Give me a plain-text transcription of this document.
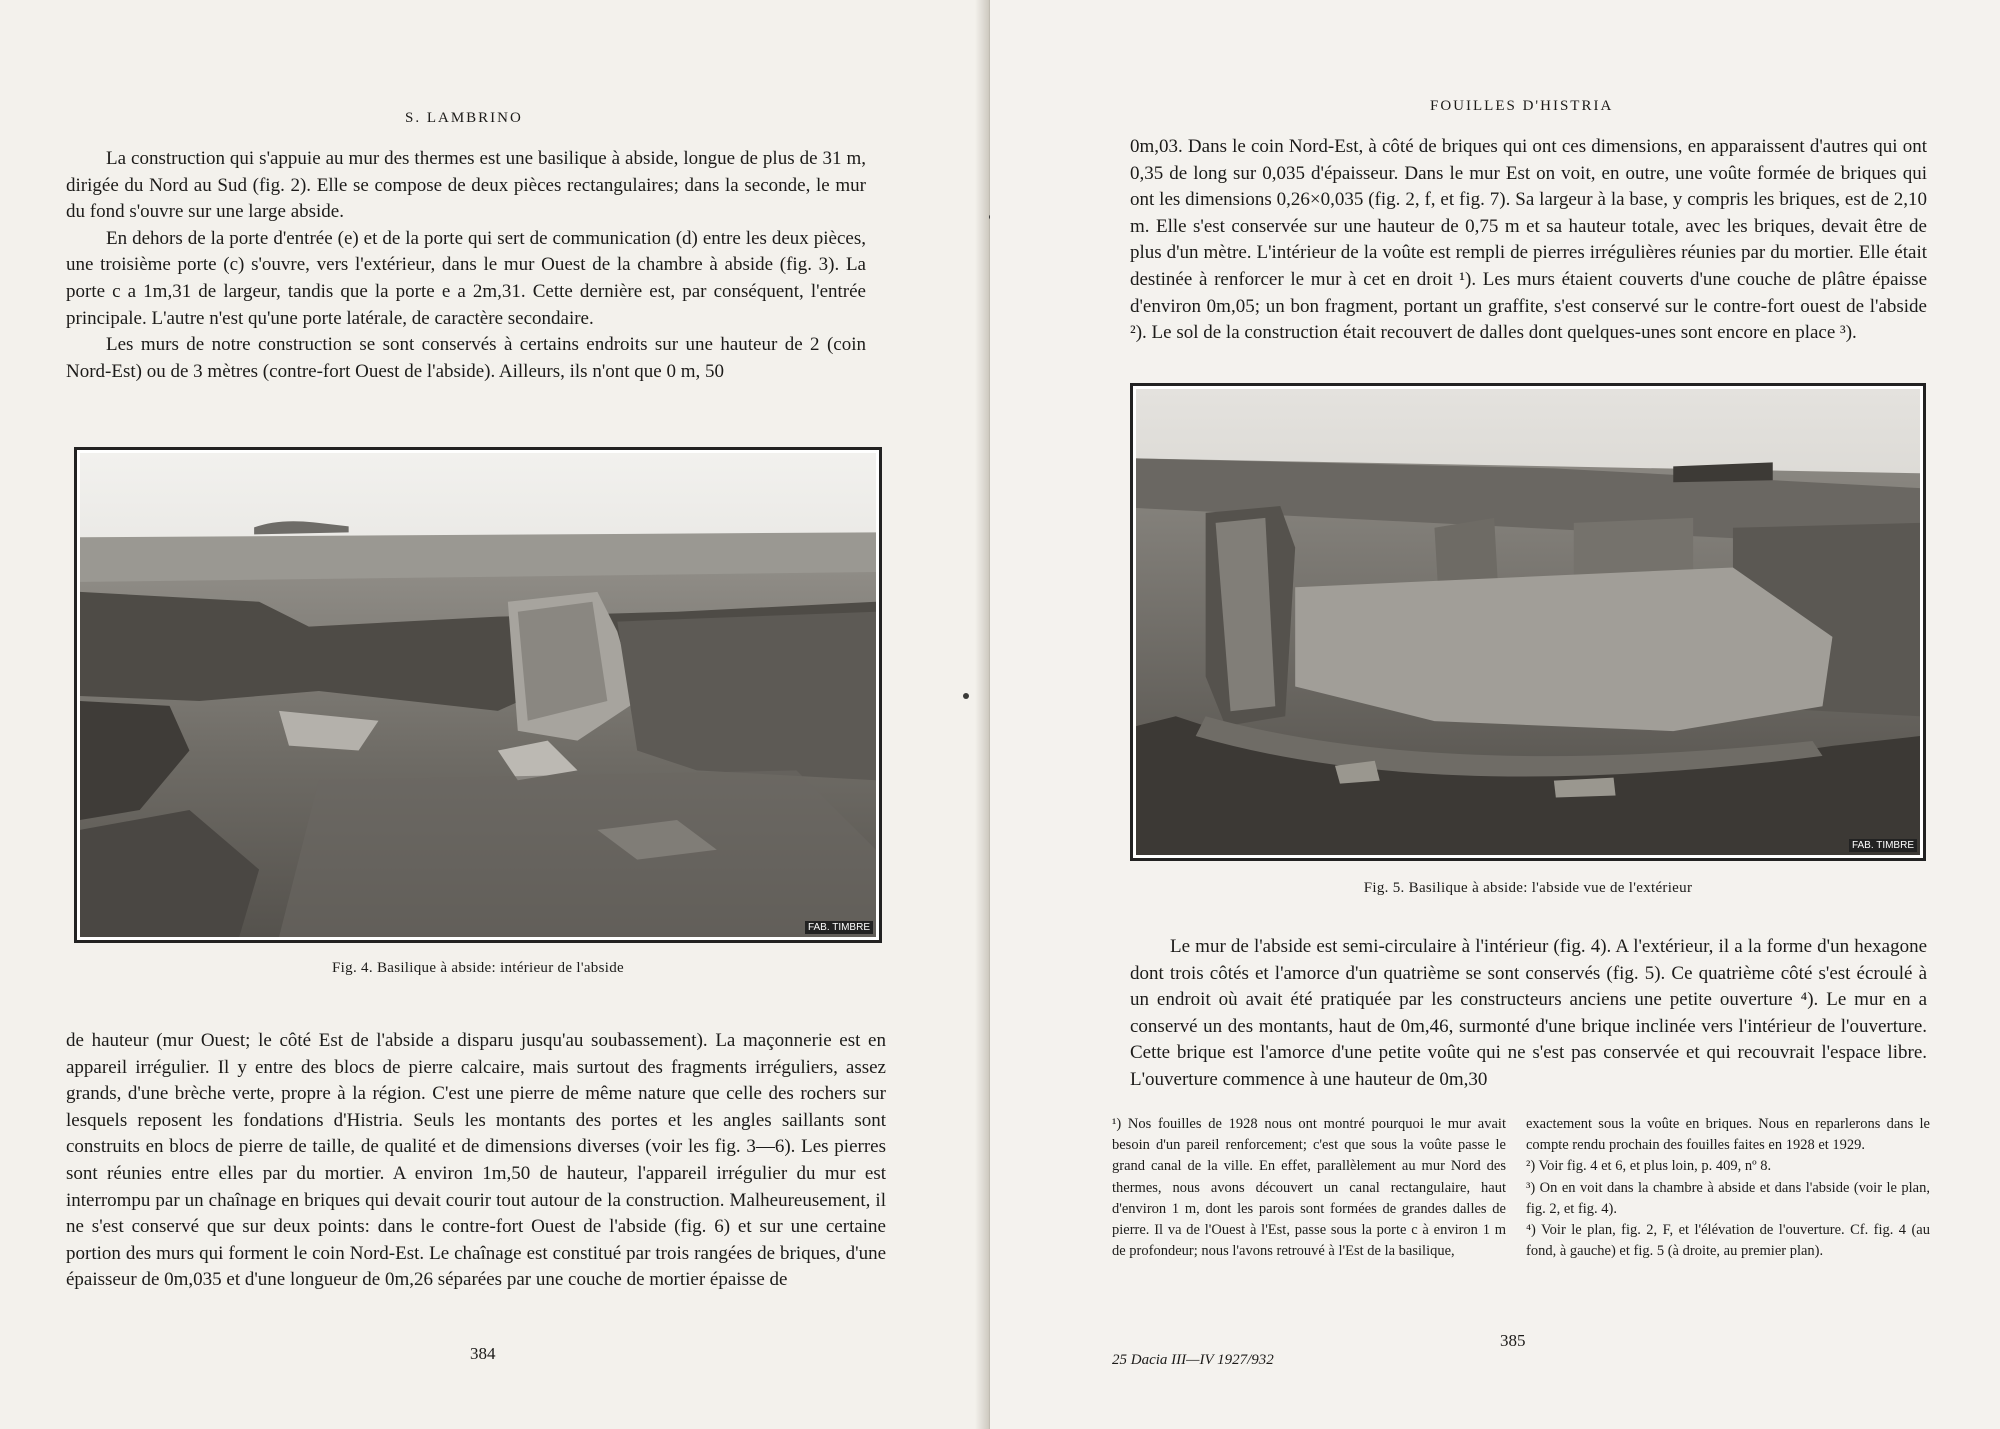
S. LAMBRINO

La construction qui s'appuie au mur des thermes est une basilique à abside, longue de plus de 31 m, dirigée du Nord au Sud (fig. 2). Elle se compose de deux pièces rectangulaires; dans la seconde, le mur du fond s'ouvre sur une large abside.

En dehors de la porte d'entrée (e) et de la porte qui sert de communication (d) entre les deux pièces, une troisième porte (c) s'ouvre, vers l'extérieur, dans le mur Ouest de la chambre à abside (fig. 3). La porte c a 1m,31 de largeur, tandis que la porte e a 2m,31. Cette dernière est, par conséquent, l'entrée principale. L'autre n'est qu'une porte latérale, de caractère secondaire.

Les murs de notre construction se sont conservés à certains endroits sur une hauteur de 2 (coin Nord-Est) ou de 3 mètres (contre-fort Ouest de l'abside). Ailleurs, ils n'ont que 0 m, 50

FAB. TIMBRE
Fig. 4. Basilique à abside: intérieur de l'abside

de hauteur (mur Ouest; le côté Est de l'abside a disparu jusqu'au soubassement). La maçonnerie est en appareil irrégulier. Il y entre des blocs de pierre calcaire, mais surtout des fragments irréguliers, assez grands, d'une brèche verte, propre à la région. C'est une pierre de même nature que celle des rochers sur lesquels reposent les fondations d'Histria. Seuls les montants des portes et les angles saillants sont construits en blocs de pierre de taille, de qualité et de dimensions diverses (voir les fig. 3—6). Les pierres sont réunies entre elles par du mortier. A environ 1m,50 de hauteur, l'appareil irrégulier du mur est interrompu par un chaînage en briques qui devait courir tout autour de la construction. Malheureusement, il ne s'est conservé que sur deux points: dans le contre-fort Ouest de l'abside (fig. 6) et sur une certaine portion des murs qui forment le coin Nord-Est. Le chaînage est constitué par trois rangées de briques, d'une épaisseur de 0m,035 et d'une longueur de 0m,26 séparées par une couche de mortier épaisse de

384
FOUILLES D'HISTRIA

0m,03. Dans le coin Nord-Est, à côté de briques qui ont ces dimensions, en apparaissent d'autres qui ont 0,35 de long sur 0,035 d'épaisseur. Dans le mur Est on voit, en outre, une voûte formée de briques qui ont les dimensions 0,26×0,035 (fig. 2, f, et fig. 7). Sa largeur à la base, y compris les briques, est de 2,10 m. Elle s'est conservée sur une hauteur de 0,75 m et sa hauteur totale, avec les briques, devait être de plus d'un mètre. L'intérieur de la voûte est rempli de pierres irrégulières réunies par du mortier. Elle était destinée à renforcer le mur à cet en droit ¹). Les murs étaient couverts d'une couche de plâtre épaisse d'environ 0m,05; un bon fragment, portant un graffite, s'est conservé sur le contre-fort ouest de l'abside ²). Le sol de la construction était recouvert de dalles dont quelques-unes sont encore en place ³).

FAB. TIMBRE
Fig. 5. Basilique à abside: l'abside vue de l'extérieur

Le mur de l'abside est semi-circulaire à l'intérieur (fig. 4). A l'extérieur, il a la forme d'un hexagone dont trois côtés et l'amorce d'un quatrième se sont conservés (fig. 5). Ce quatrième côté s'est écroulé à un endroit où avait été pratiquée par les constructeurs anciens une petite ouverture ⁴). Le mur en a conservé un des montants, haut de 0m,46, surmonté d'une brique inclinée vers l'intérieur de l'ouverture. Cette brique est l'amorce d'une petite voûte qui ne s'est pas conservée et qui recouvrait l'espace libre. L'ouverture commence à une hauteur de 0m,30

¹) Nos fouilles de 1928 nous ont montré pourquoi le mur avait besoin d'un pareil renforcement; c'est que sous la voûte passe le grand canal de la ville. En effet, parallèlement au mur Nord des thermes, nous avons découvert un canal rectangulaire, haut d'environ 1 m, dont les parois sont formées de grandes dalles de pierre. Il va de l'Ouest à l'Est, passe sous la porte c à environ 1 m de profondeur; nous l'avons retrouvé à l'Est de la basilique,

exactement sous la voûte en briques. Nous en reparlerons dans le compte rendu prochain des fouilles faites en 1928 et 1929.

²) Voir fig. 4 et 6, et plus loin, p. 409, nº 8.

³) On en voit dans la chambre à abside et dans l'abside (voir le plan, fig. 2, et fig. 4).

⁴) Voir le plan, fig. 2, F, et l'élévation de l'ouverture. Cf. fig. 4 (au fond, à gauche) et fig. 5 (à droite, au premier plan).

385
25 Dacia III—IV 1927/932
